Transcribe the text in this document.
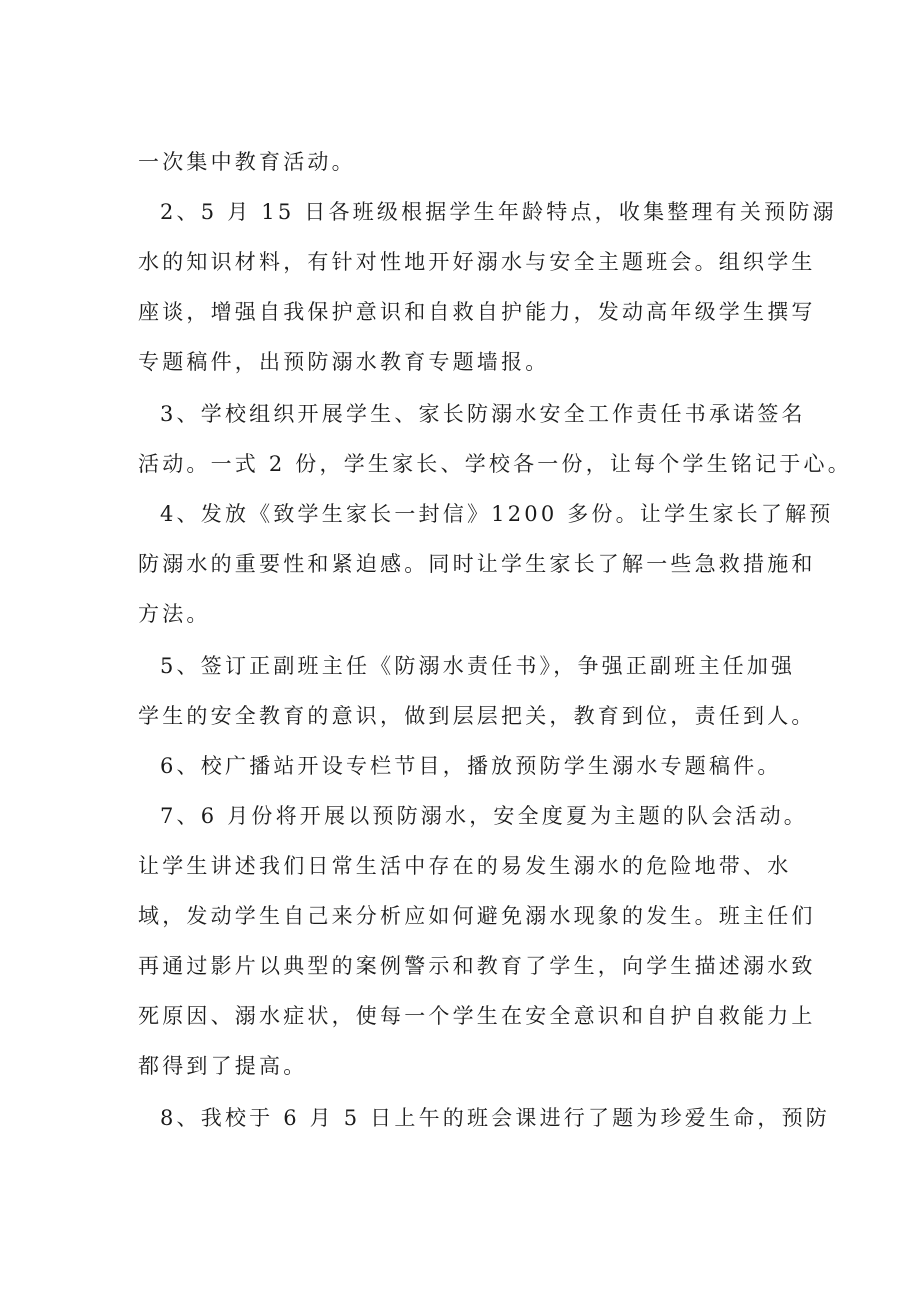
一次集中教育活动。
2、5 月 15 日各班级根据学生年龄特点，收集整理有关预防溺
水的知识材料，有针对性地开好溺水与安全主题班会。组织学生
座谈，增强自我保护意识和自救自护能力，发动高年级学生撰写
专题稿件，出预防溺水教育专题墙报。
3、学校组织开展学生、家长防溺水安全工作责任书承诺签名
活动。一式 2 份，学生家长、学校各一份，让每个学生铭记于心。
4、发放《致学生家长一封信》1200 多份。让学生家长了解预
防溺水的重要性和紧迫感。同时让学生家长了解一些急救措施和
方法。
5、签订正副班主任《防溺水责任书》，争强正副班主任加强
学生的安全教育的意识，做到层层把关，教育到位，责任到人。
6、校广播站开设专栏节目，播放预防学生溺水专题稿件。
7、6 月份将开展以预防溺水，安全度夏为主题的队会活动。
让学生讲述我们日常生活中存在的易发生溺水的危险地带、水
域，发动学生自己来分析应如何避免溺水现象的发生。班主任们
再通过影片以典型的案例警示和教育了学生，向学生描述溺水致
死原因、溺水症状，使每一个学生在安全意识和自护自救能力上
都得到了提高。
8、我校于 6 月 5 日上午的班会课进行了题为珍爱生命，预防
